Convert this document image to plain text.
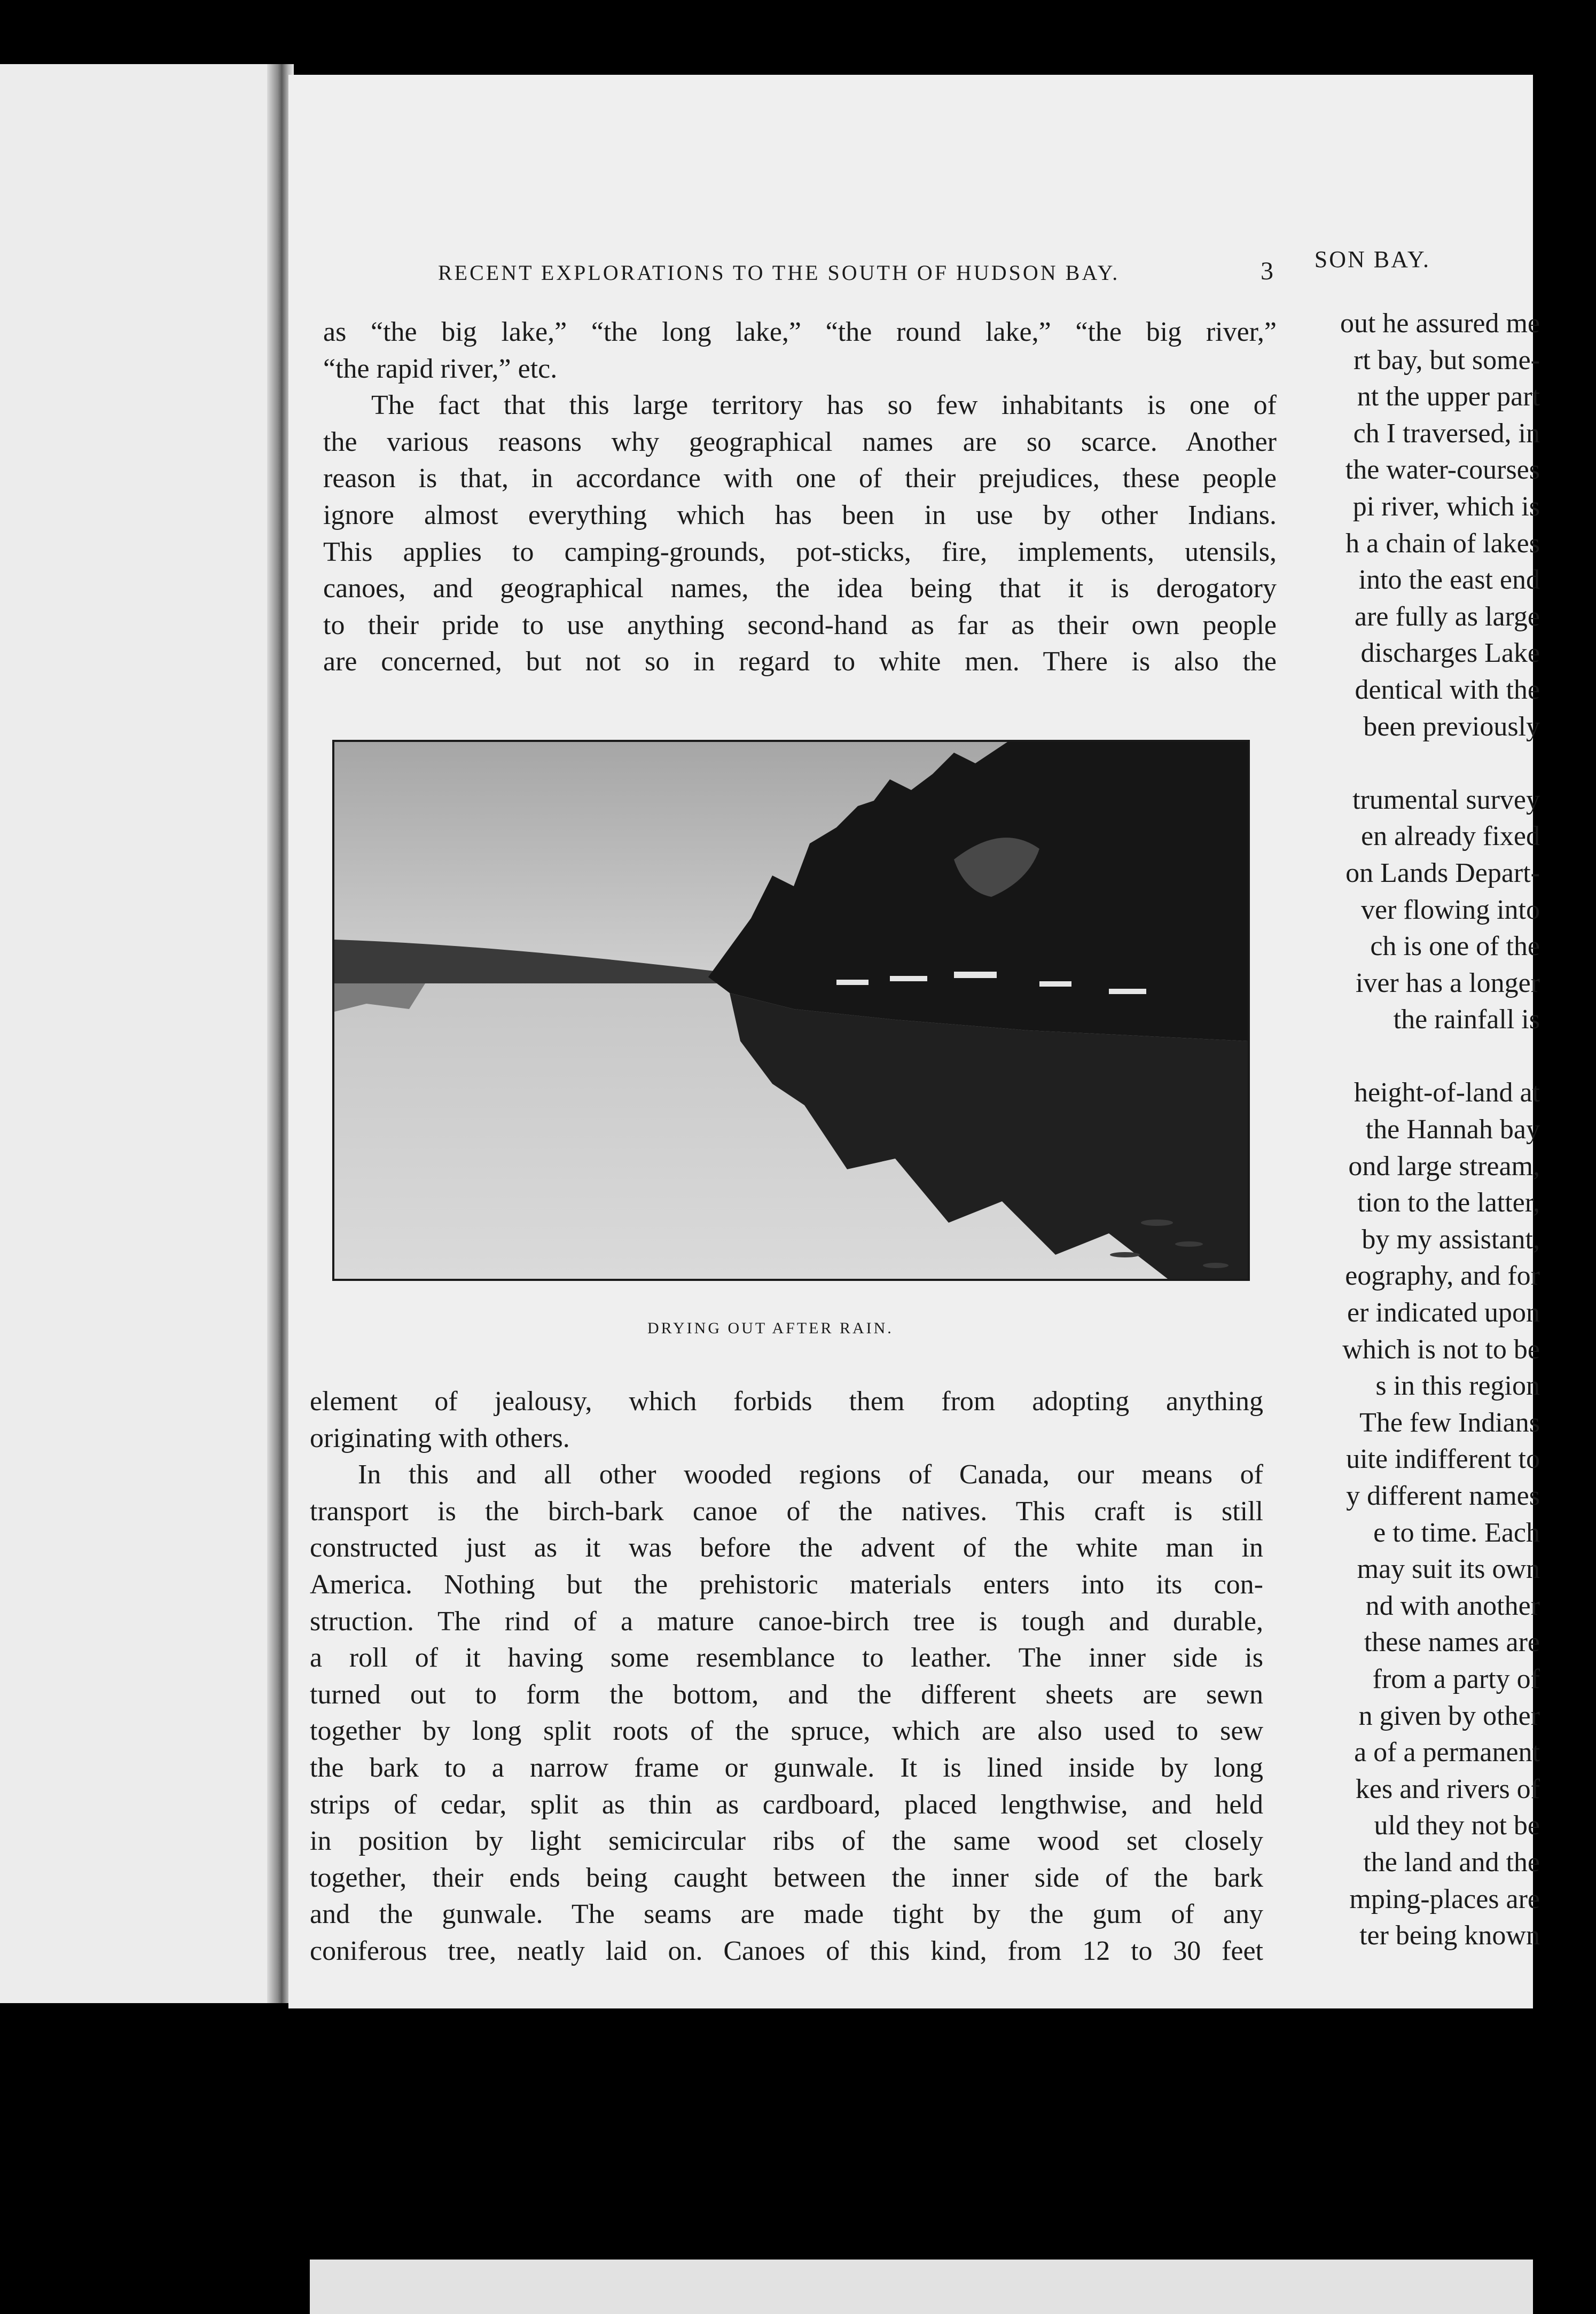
SON BAY.
out he assured me
rt bay, but some-
nt the upper part
ch I traversed, in
the water-courses
pi river, which is
h a chain of lakes
into the east end
are fully as large
discharges Lake
dentical with the
been previously
trumental survey
en already fixed
on Lands Depart-
ver flowing into
ch is one of the
iver has a longer
the rainfall is
height-of-land at
the Hannah bay
ond large stream,
tion to the latter,
by my assistant,
eography, and for
er indicated upon
which is not to be
s in this region
The few Indians
uite indifferent to
y different names
e to time. Each
may suit its own
nd with another
these names are
from a party of
n given by other
a of a permanent
kes and rivers of
uld they not be
the land and the
mping-places are
ter being known
RECENT EXPLORATIONS TO THE SOUTH OF HUDSON BAY.	3
as “the big lake,” “the long lake,” “the round lake,” “the big river,”
“the rapid river,” etc.
The fact that this large territory has so few inhabitants is one of
the various reasons why geographical names are so scarce. Another
reason is that, in accordance with one of their prejudices, these people
ignore almost everything which has been in use by other Indians.
This applies to camping-grounds, pot-sticks, fire, implements, utensils,
canoes, and geographical names, the idea being that it is derogatory
to their pride to use anything second-hand as far as their own people
are concerned, but not so in regard to white men. There is also the
DRYING OUT AFTER RAIN.
element of jealousy, which forbids them from adopting anything
originating with others.
In this and all other wooded regions of Canada, our means of
transport is the birch-bark canoe of the natives. This craft is still
constructed just as it was before the advent of the white man in
America. Nothing but the prehistoric materials enters into its con-
struction. The rind of a mature canoe-birch tree is tough and durable,
a roll of it having some resemblance to leather. The inner side is
turned out to form the bottom, and the different sheets are sewn
together by long split roots of the spruce, which are also used to sew
the bark to a narrow frame or gunwale. It is lined inside by long
strips of cedar, split as thin as cardboard, placed lengthwise, and held
in position by light semicircular ribs of the same wood set closely
together, their ends being caught between the inner side of the bark
and the gunwale. The seams are made tight by the gum of any
coniferous tree, neatly laid on. Canoes of this kind, from 12 to 30 feet
